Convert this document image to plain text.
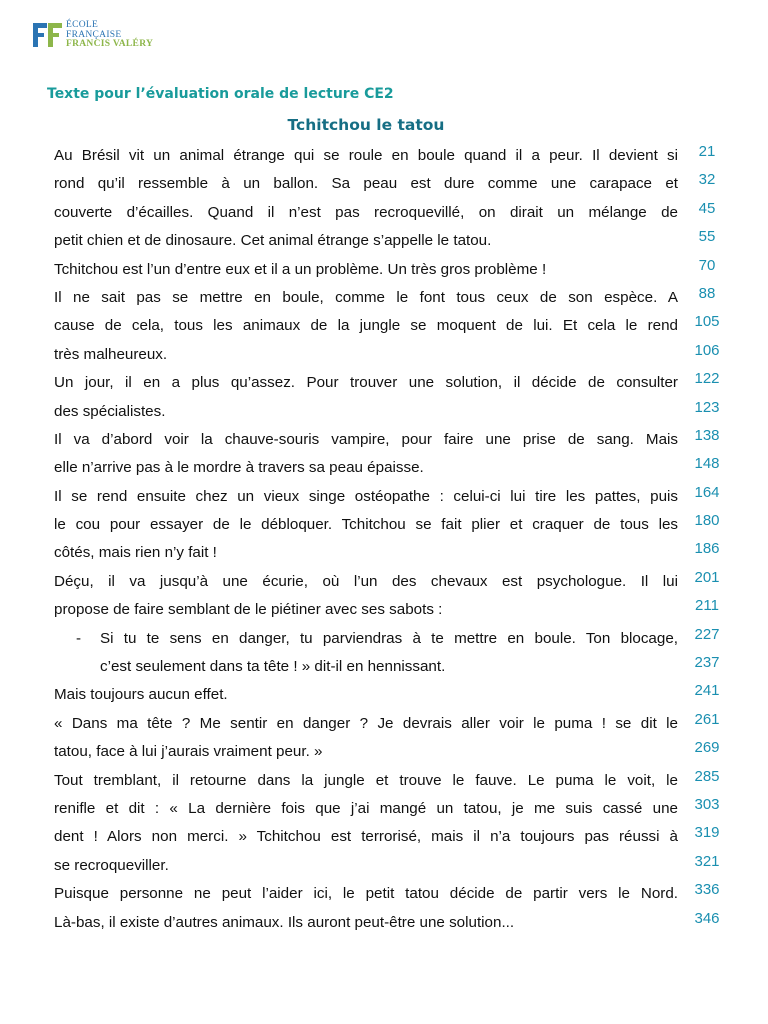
ÉCOLE
FRANÇAISE
FRANCIS VALÉRY
Texte pour l’évaluation orale de lecture CE2
Tchitchou le tatou
Au Brésil vit un animal étrange qui se roule en boule quand il a peur. Il devient si
rond qu’il ressemble à un ballon. Sa peau est dure comme une carapace et
couverte d’écailles. Quand il n’est pas recroquevillé, on dirait un mélange de
petit chien et de dinosaure. Cet animal étrange s’appelle le tatou.
Tchitchou est l’un d’entre eux et il a un problème. Un très gros problème !
Il ne sait pas se mettre en boule, comme le font tous ceux de son espèce. A
cause de cela, tous les animaux de la jungle se moquent de lui. Et cela le rend
très malheureux.
Un jour, il en a plus qu’assez. Pour trouver une solution, il décide de consulter
des spécialistes.
Il va d’abord voir la chauve-souris vampire, pour faire une prise de sang. Mais
elle n’arrive pas à le mordre à travers sa peau épaisse.
Il se rend ensuite chez un vieux singe ostéopathe : celui-ci lui tire les pattes, puis
le cou pour essayer de le débloquer. Tchitchou se fait plier et craquer de tous les
côtés, mais rien n’y fait !
Déçu, il va jusqu’à une écurie, où l’un des chevaux est psychologue. Il lui
propose de faire semblant de le piétiner avec ses sabots :
- Si tu te sens en danger, tu parviendras à te mettre en boule. Ton blocage,
c’est seulement dans ta tête ! » dit-il en hennissant.
Mais toujours aucun effet.
« Dans ma tête ? Me sentir en danger ? Je devrais aller voir le puma ! se dit le
tatou, face à lui j’aurais vraiment peur. »
Tout tremblant, il retourne dans la jungle et trouve le fauve. Le puma le voit, le
renifle et dit : « La dernière fois que j’ai mangé un tatou, je me suis cassé une
dent ! Alors non merci. » Tchitchou est terrorisé, mais il n’a toujours pas réussi à
se recroqueviller.
Puisque personne ne peut l’aider ici, le petit tatou décide de partir vers le Nord.
Là-bas, il existe d’autres animaux. Ils auront peut-être une solution...
21
32
45
55
70
88
105
106
122
123
138
148
164
180
186
201
211
227
237
241
261
269
285
303
319
321
336
346
